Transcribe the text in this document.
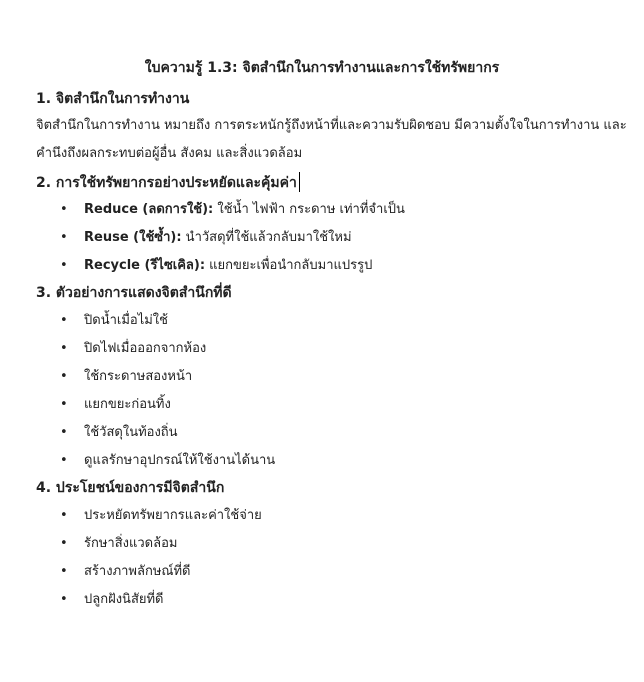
ใบความรู้ 1.3: จิตสำนึกในการทำงานและการใช้ทรัพยากร
1. จิตสำนึกในการทำงาน
จิตสำนึกในการทำงาน หมายถึง การตระหนักรู้ถึงหน้าที่และความรับผิดชอบ มีความตั้งใจในการทำงาน และ
คำนึงถึงผลกระทบต่อผู้อื่น สังคม และสิ่งแวดล้อม
2. การใช้ทรัพยากรอย่างประหยัดและคุ้มค่า
• Reduce (ลดการใช้): ใช้น้ำ ไฟฟ้า กระดาษ เท่าที่จำเป็น
• Reuse (ใช้ซ้ำ): นำวัสดุที่ใช้แล้วกลับมาใช้ใหม่
• Recycle (รีไซเคิล): แยกขยะเพื่อนำกลับมาแปรรูป
3. ตัวอย่างการแสดงจิตสำนึกที่ดี
• ปิดน้ำเมื่อไม่ใช้
• ปิดไฟเมื่อออกจากห้อง
• ใช้กระดาษสองหน้า
• แยกขยะก่อนทิ้ง
• ใช้วัสดุในท้องถิ่น
• ดูแลรักษาอุปกรณ์ให้ใช้งานได้นาน
4. ประโยชน์ของการมีจิตสำนึก
• ประหยัดทรัพยากรและค่าใช้จ่าย
• รักษาสิ่งแวดล้อม
• สร้างภาพลักษณ์ที่ดี
• ปลูกฝังนิสัยที่ดี
